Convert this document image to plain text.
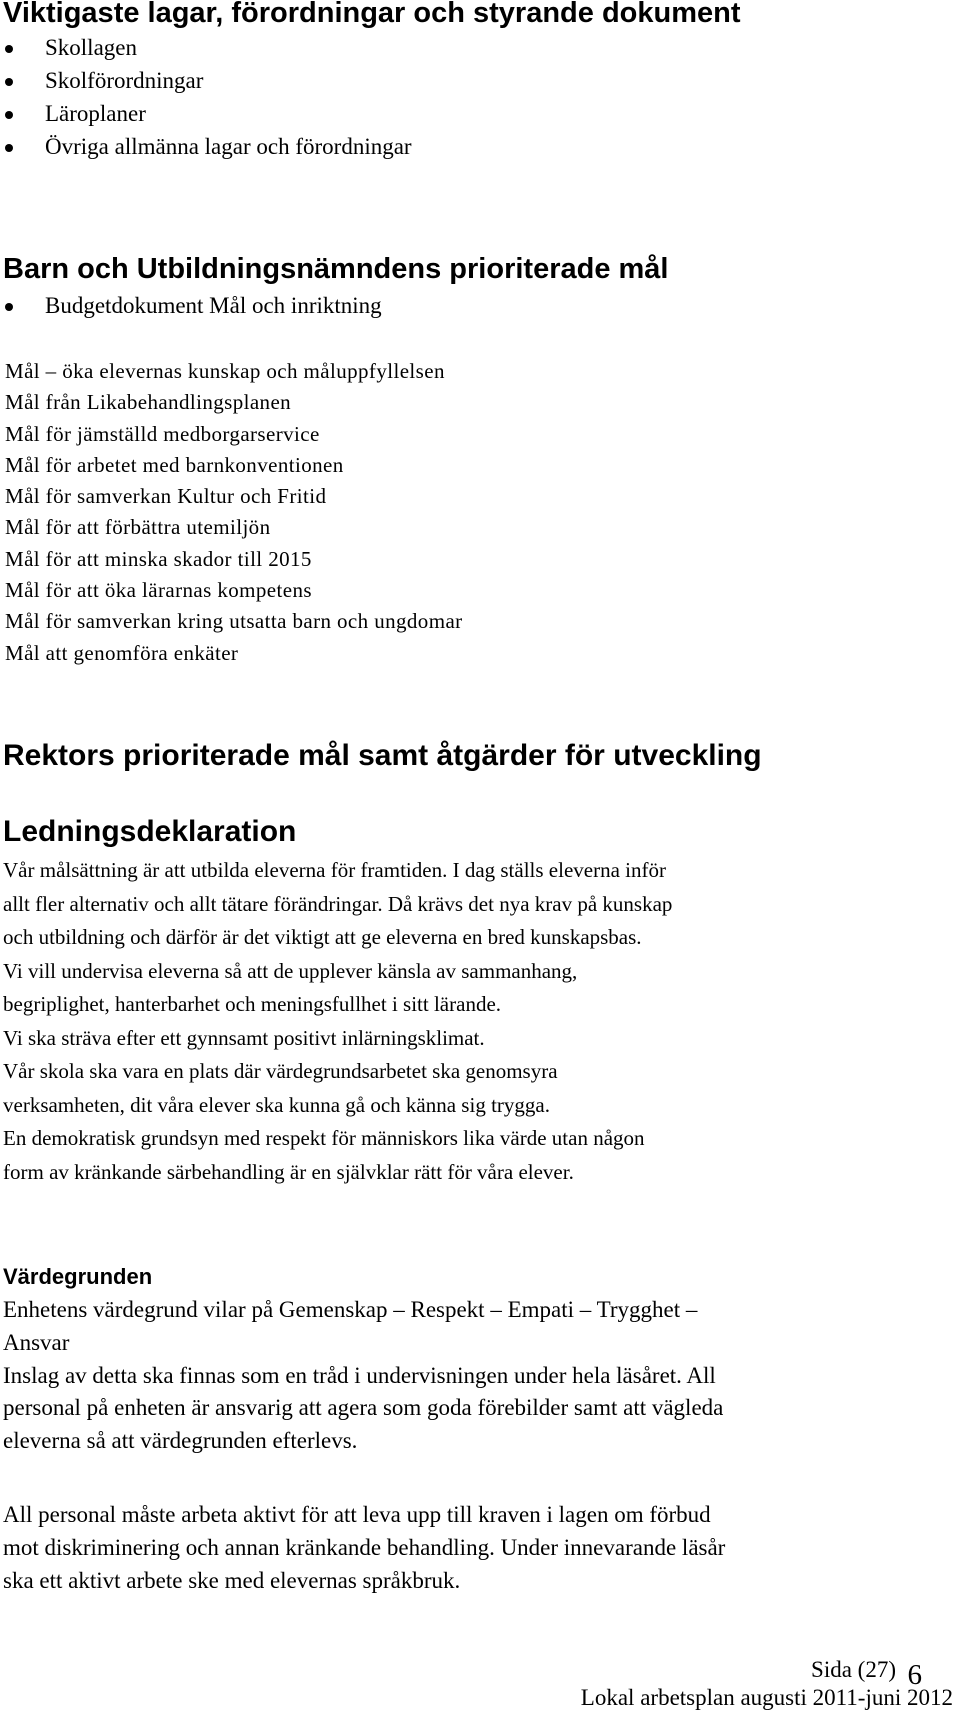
Viktigaste lagar, förordningar och styrande dokument
Skollagen
Skolförordningar
Läroplaner
Övriga allmänna lagar och förordningar
Barn och Utbildningsnämndens prioriterade mål
Budgetdokument Mål och inriktning
Mål – öka elevernas kunskap och måluppfyllelsen
Mål från Likabehandlingsplanen
Mål för jämställd medborgarservice
Mål för arbetet med barnkonventionen
Mål för samverkan Kultur och Fritid
Mål för att förbättra utemiljön
Mål för att minska skador till 2015
Mål för att öka lärarnas kompetens
Mål för samverkan kring utsatta barn och ungdomar
Mål att genomföra enkäter
Rektors prioriterade mål samt åtgärder för utveckling
Ledningsdeklaration
Vår målsättning är att utbilda eleverna för framtiden. I dag ställs eleverna inför
allt fler alternativ och allt tätare förändringar. Då krävs det nya krav på kunskap
och utbildning och därför är det viktigt att ge eleverna en bred kunskapsbas.
Vi vill undervisa eleverna så att de upplever känsla av sammanhang,
begriplighet, hanterbarhet och meningsfullhet i sitt lärande.
Vi ska sträva efter ett gynnsamt positivt inlärningsklimat.
Vår skola ska vara en plats där värdegrundsarbetet ska genomsyra
verksamheten, dit våra elever ska kunna gå och känna sig trygga.
En demokratisk grundsyn med respekt för människors lika värde utan någon
form av kränkande särbehandling är en självklar rätt för våra elever.
Värdegrunden
Enhetens värdegrund vilar på Gemenskap – Respekt – Empati – Trygghet –
Ansvar
Inslag av detta ska finnas som en tråd i undervisningen under hela läsåret. All
personal på enheten är ansvarig att agera som goda förebilder samt att vägleda
eleverna så att värdegrunden efterlevs.
All personal måste arbeta aktivt för att leva upp till kraven i lagen om förbud
mot diskriminering och annan kränkande behandling. Under innevarande läsår
ska ett aktivt arbete ske med elevernas språkbruk.
Sida (27) 6
Lokal arbetsplan augusti 2011-juni 2012
